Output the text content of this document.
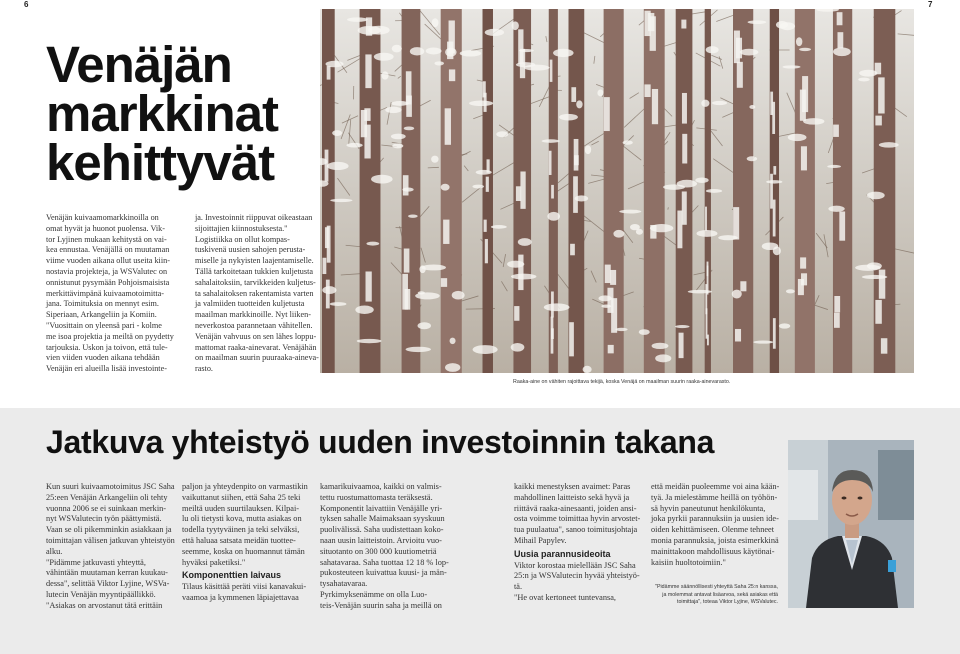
6	7
Venäjän
markkinat
kehittyvät
Venäjän kuivaamomarkkinoilla on
omat hyvät ja huonot puolensa. Vik-
tor Lyjinen mukaan kehitystä on vai-
kea ennustaa. Venäjällä on muutaman
viime vuoden aikana ollut useita kiin-
nostavia projekteja, ja WSValutec on
onnistunut pysymään Pohjoismaisista
merkittävimpänä kuivaamotoimitta-
jana. Toimituksia on mennyt esim.
Siperiaan, Arkangeliin ja Komiin.
"Vuosittain on yleensä pari - kolme
me isoa projektia ja meiltä on pyydetty
tarjouksia. Uskon ja toivon, että tule-
vien viiden vuoden aikana tehdään
Venäjän eri alueilla lisää investointe-
ja. Investoinnit riippuvat oikeastaan
sijoittajien kiinnostuksesta."
Logistiikka on ollut kompas-
tuskivenä uusien sahojen perusta-
miselle ja nykyisten laajentamiselle.
Tällä tarkoitetaan tukkien kuljetusta
sahalaitoksiin, tarvikkeiden kuljetus-
ta sahalaitoksen rakentamista varten
ja valmiiden tuotteiden kuljetusta
maailman markkinoille. Nyt liiken-
neverkostoa parannetaan vähitellen.
Venäjän vahvuus on sen lähes loppu-
mattomat raaka-ainevarat. Venäjähän
on maailman suurin puuraaka-aineva-
rasto.
Raaka-aine on vähiten rajoittava tekijä, koska Venäjä on maailman suurin raaka-ainevarasto.
Jatkuva yhteistyö uuden investoinnin takana
Kun suuri kuivaamotoimitus JSC Saha
25:een Venäjän Arkangeliin oli tehty
vuonna 2006 se ei suinkaan merkin-
nyt WSValutecin työn päättymistä.
Vaan se oli pikemminkin asiakkaan ja
toimittajan välisen jatkuvan yhteistyön
alku.
"Pidämme jatkuvasti yhteyttä,
vähintään muutaman kerran kuukau-
dessa", selittää Viktor Lyjine, WSVa-
lutecin Venäjän myyntipäällikkö.
"Asiakas on arvostanut tätä erittäin
paljon ja yhteydenpito on varmastikin
vaikuttanut siihen, että Saha 25 teki
meiltä uuden suurtilauksen. Kilpai-
lu oli tietysti kova, mutta asiakas on
todella tyytyväinen ja teki selväksi,
että haluaa satsata meidän tuottee-
seemme, koska on huomannut tämän
hyväksi paketiksi."
Komponenttien laivaus
Tilaus käsittää peräti viisi kanavakui-
vaamoa ja kymmenen läpiajettavaa
kamarikuivaamoa, kaikki on valmis-
tettu ruostumattomasta teräksestä.
Komponentit laivattiin Venäjälle yri-
tyksen sahalle Maimaksaan syyskuun
puolivälissä. Saha uudistettaan koko-
naan uusin laitteistoin. Arvioitu vuo-
situotanto on 300 000 kuutiometriä
sahatavaraa. Saha tuottaa 12 18 % lop-
pukosteuteen kuivattua kuusi- ja män-
tysahatavaraa.
Pyrkimyksenämme on olla Luo-
teis-Venäjän suurin saha ja meillä on
kaikki menestyksen avaimet: Paras
mahdollinen laitteisto sekä hyvä ja
riittävä raaka-ainesaanti, joiden ansi-
osta voimme toimittaa hyvin arvostet-
tua puulaatua", sanoo toimitusjohtaja
Mihail Papylev.
Uusia parannusideoita
Viktor korostaa mielellään JSC Saha
25:n ja WSValutecin hyvää yhteistyö-
tä.
"He ovat kertoneet tuntevansa,
että meidän puoleemme voi aina kään-
tyä. Ja mielestämme heillä on työhön-
sä hyvin paneutunut henkilökunta,
joka pyrkii parannuksiin ja uusien ide-
oiden kehittämiseen. Olenme tehneet
monia parannuksia, joista esimerkkinä
mainittakoon mahdollisuus käytönai-
kaisiin huoltotoimiin."
"Pidämme säännöllisesti yhteyttä Saha 25:n kanssa,
ja molemmat antavat lisäarvoa, sekä asiakas että
toimittaja", toteaa Viktor Lyjine, WSValutec.
